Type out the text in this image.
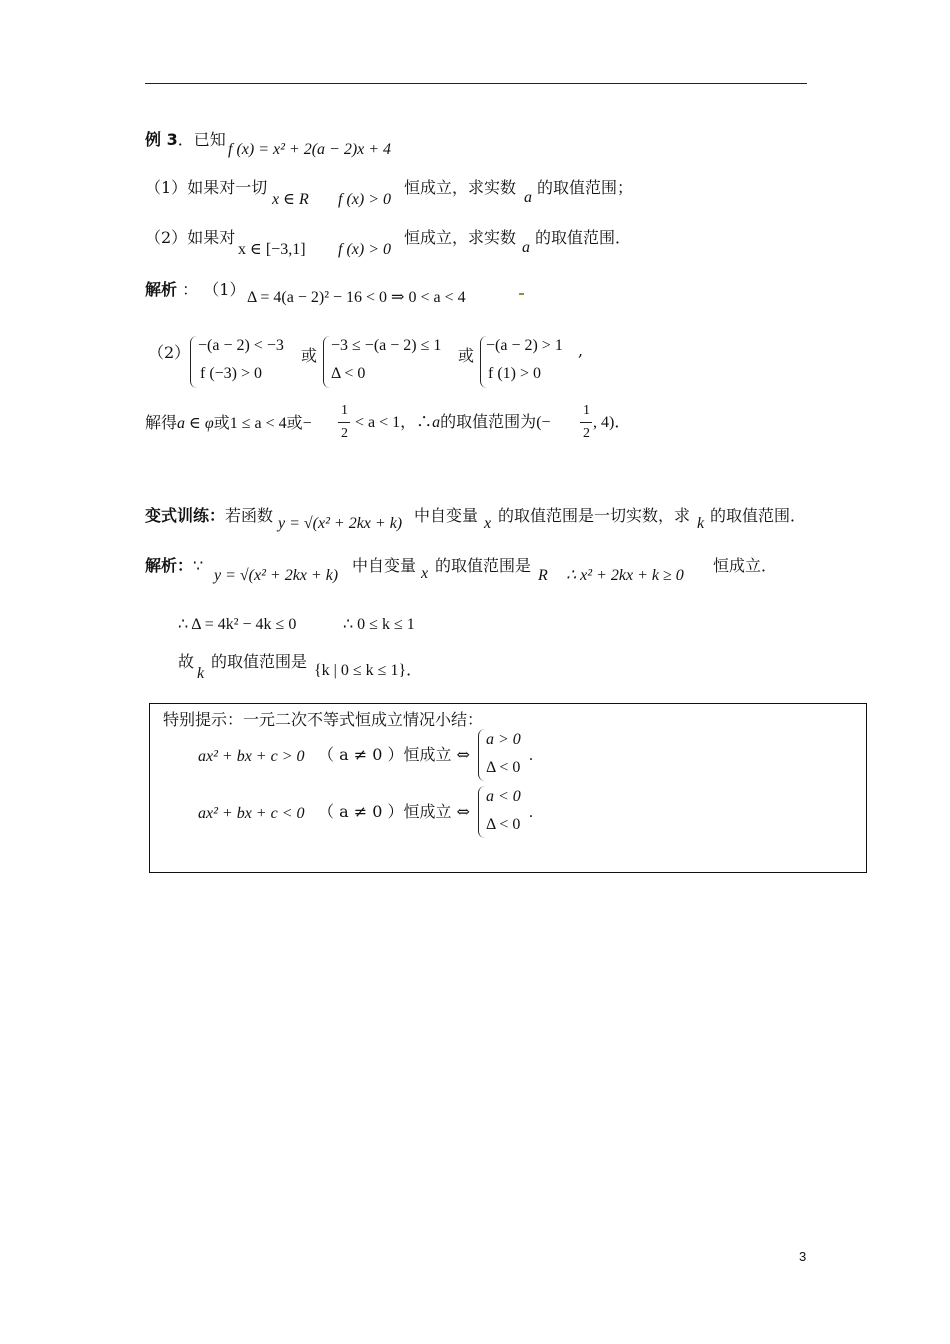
例 3．已知
f (x) = x² + 2(a − 2)x + 4
（1）如果对一切
x ∈ R f (x) > 0
恒成立，求实数
a
的取值范围；
（2）如果对
x ∈ [−3,1] f (x) > 0
恒成立，求实数
a
的取值范围．
解析 ： （1） Δ = 4(a − 2)² − 16 < 0 ⇒ 0 < a < 4
（2） −(a − 2) < −3
f (−3) > 0
或
−3 ≤ −(a − 2) ≤ 1
Δ < 0
或
−(a − 2) > 1
f (1) > 0
,
解得a ∈ φ或1 ≤ a < 4或−
1
2
< a < 1，∴a的取值范围为(−
1
2
, 4)．
变式训练：若函数 y = √(x² + 2kx + k) 中自变量 x 的取值范围是一切实数，求 k 的取值范围．
解析：∵
y = √(x² + 2kx + k)
中自变量 x 的取值范围是
R ∴ x² + 2kx + k ≥ 0
恒成立．
∴ Δ = 4k² − 4k ≤ 0	∴ 0 ≤ k ≤ 1
故
k
的取值范围是 {k | 0 ≤ k ≤ 1}．
特别提示：一元二次不等式恒成立情况小结：
ax² + bx + c > 0 （ a ≠ 0 ）恒成立 ⇔
a > 0
Δ < 0
.
ax² + bx + c < 0 （ a ≠ 0 ）恒成立 ⇔
a < 0
Δ < 0
.
3
